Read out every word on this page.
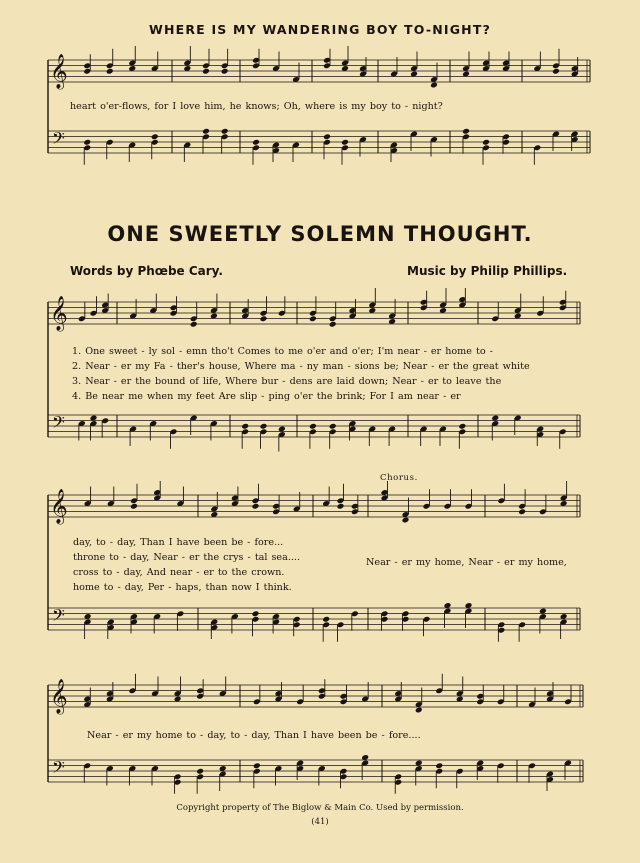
𝄞
𝄢
𝄞
𝄢
𝄞
𝄢
𝄞
𝄢
WHERE IS MY WANDERING BOY TO-NIGHT?
heart o'er-flows, for I love him, he knows; Oh, where is my boy to - night?
ONE SWEETLY SOLEMN THOUGHT.
Words by Phœbe Cary.	Music by Philip Phillips.
1. One sweet - ly sol - emn tho't Comes to me o'er and o'er; I'm near - er home to -
2. Near - er my Fa - ther's house, Where ma - ny man - sions be; Near - er the great white
3. Near - er the bound of life, Where bur - dens are laid down; Near - er to leave the
4. Be near me when my feet Are slip - ping o'er the brink; For I am near - er
Chorus.
day, to - day, Than I have been be - fore...
throne to - day, Near - er the crys - tal sea....
cross to - day, And near - er to the crown.
home to - day, Per - haps, than now I think.
Near - er my home, Near - er my home,
Near - er my home to - day, to - day, Than I have been be - fore....
Copyright property of The Biglow & Main Co. Used by permission.
(41)
